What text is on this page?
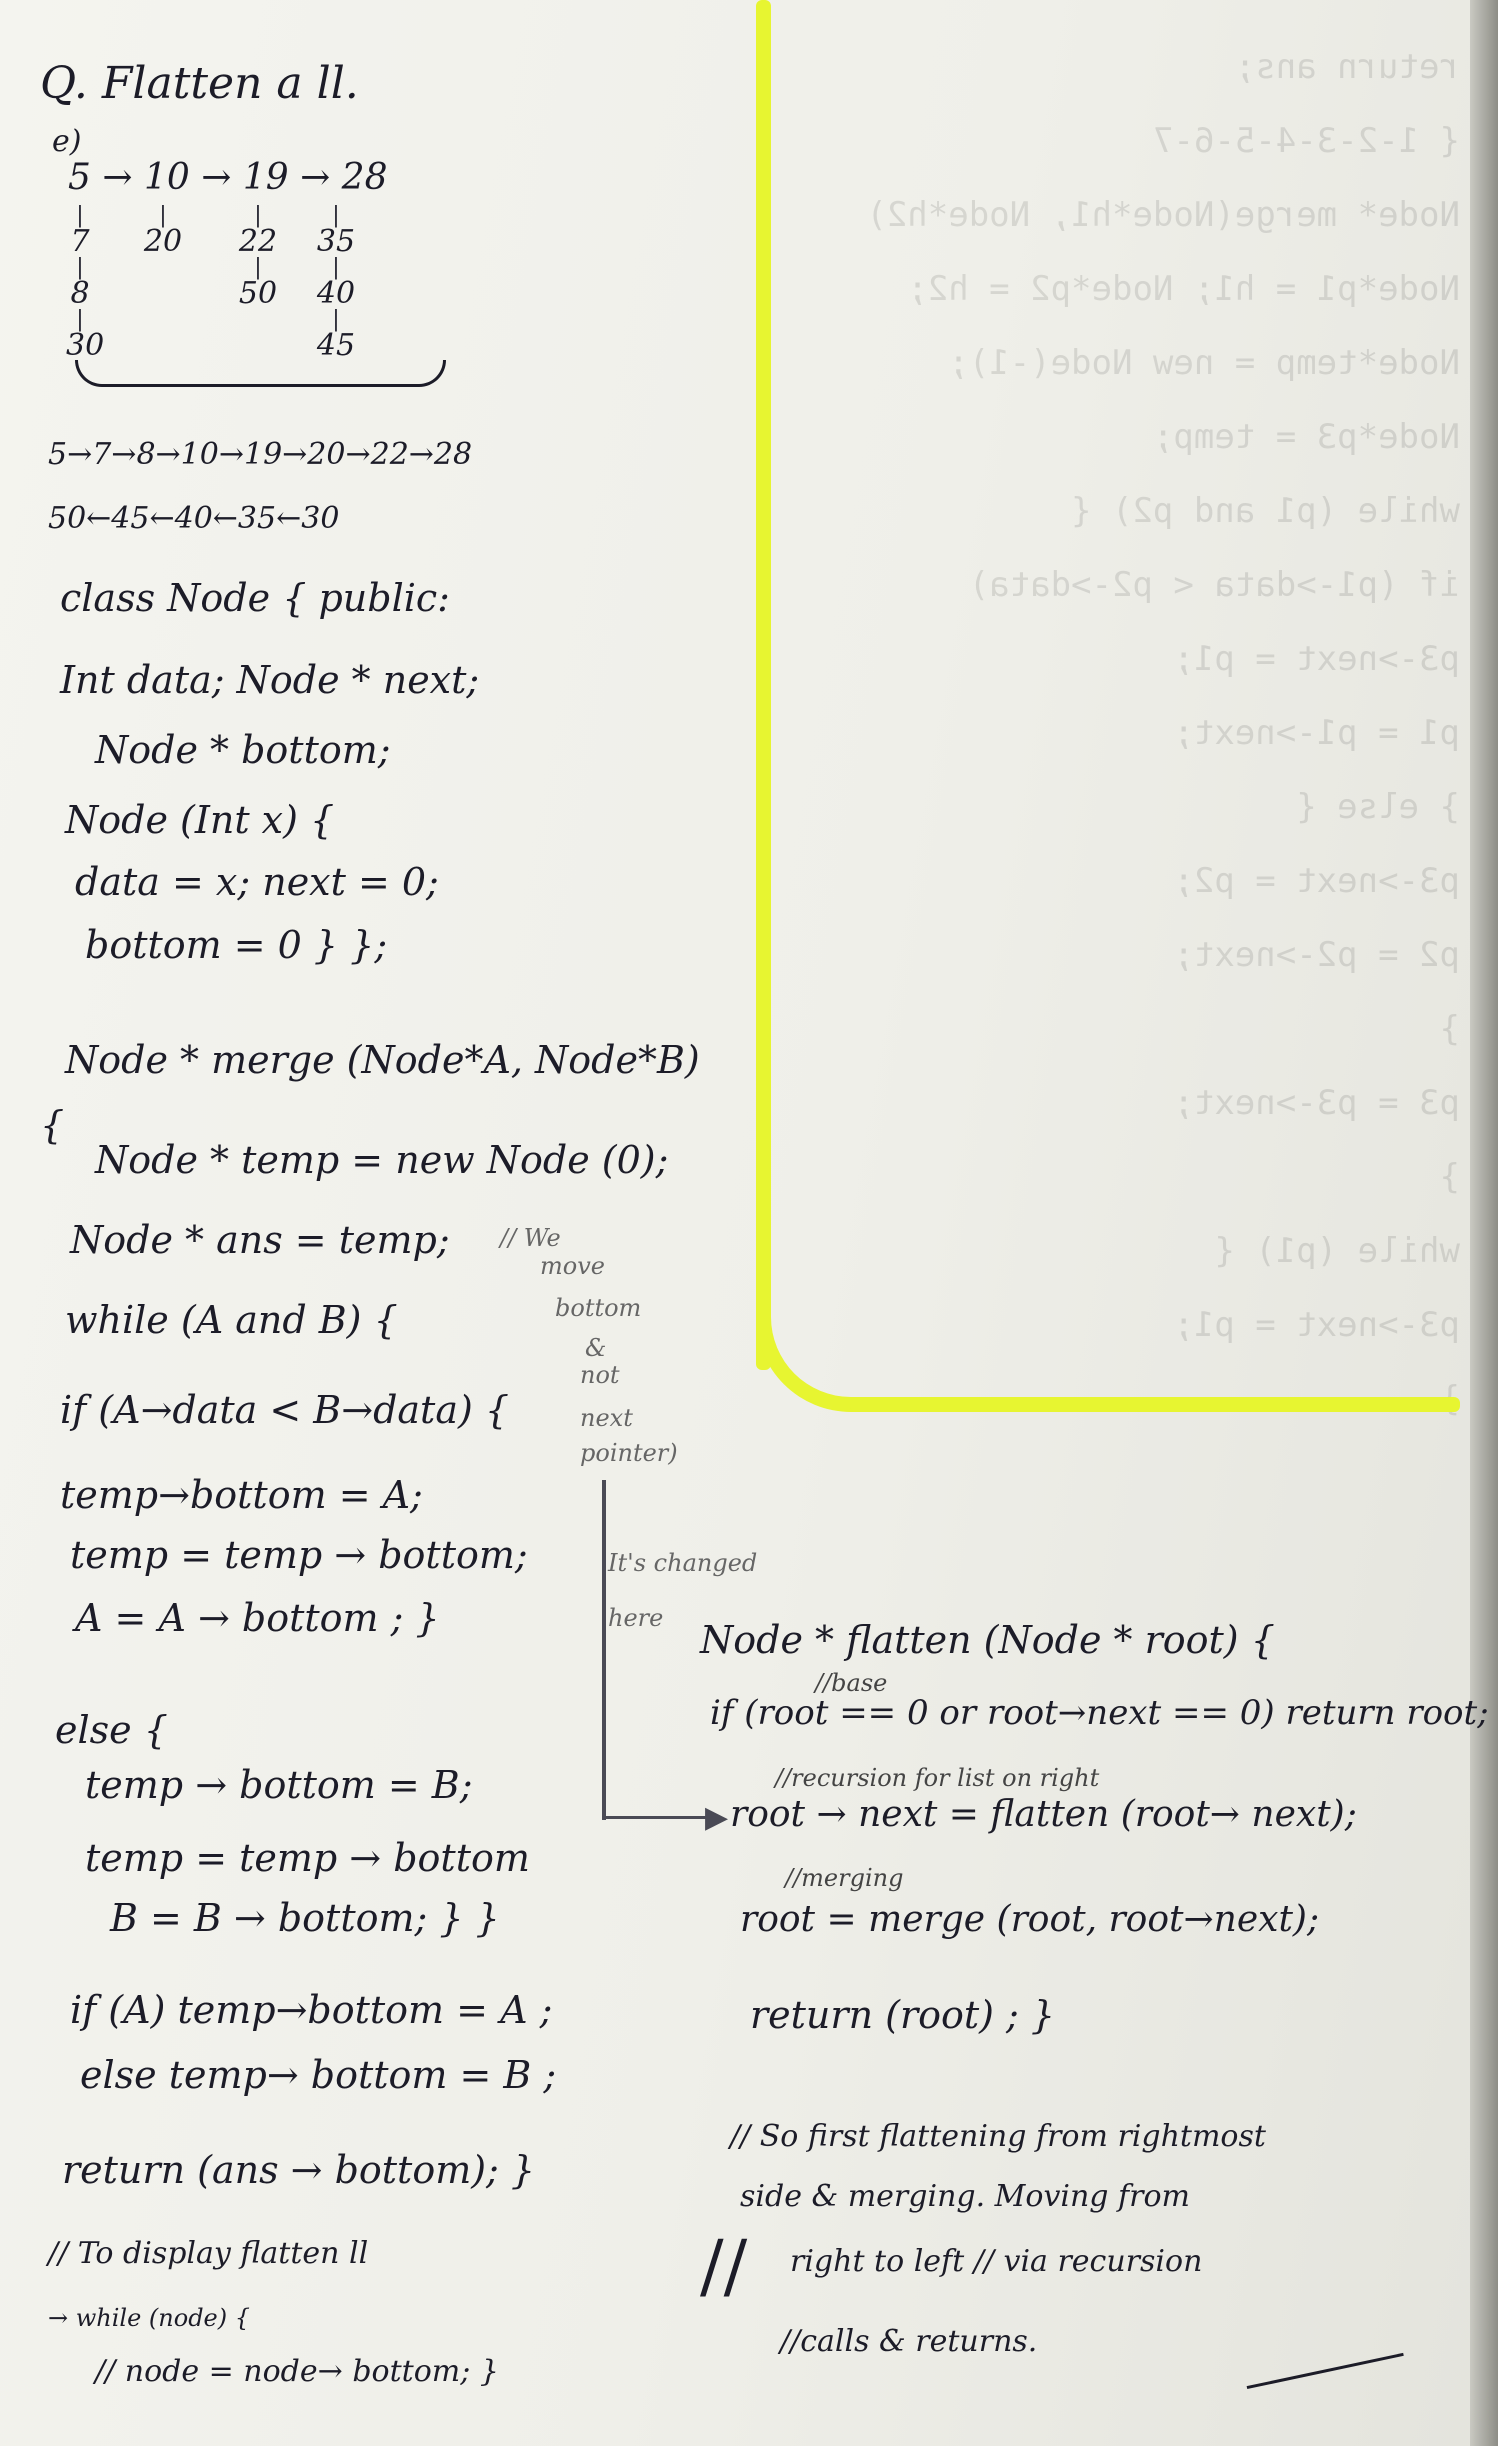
return ans;
{ 1-2-3-4-5-6-7
Node* merge(Node*h1, Node*h2)
Node*p1 = h1; Node*p2 = h2;
Node*temp = new Node(-1);
Node*p3 = temp;
while (p1 and p2) {
if (p1->data < p2->data)
p3->next = p1;
p1 = p1->next;
} else {
p3->next = p2;
p2 = p2->next;
}
p3 = p3->next;
}
while (p1) {
p3->next = p1;

Q. Flatten a ll.
e)
5 → 10 → 19 → 28
|
7
|
8
|
30
|
20
|
22
|
50
|
35
|
40
|
45
5→7→8→10→19→20→22→28
50←45←40←35←30
class Node { public:
Int data; Node * next;
Node * bottom;
Node (Int x) {
data = x; next = 0;
bottom = 0 } };
Node * merge (Node*A, Node*B)
{
Node * temp = new Node (0);
Node * ans = temp;
while (A and B) {
if (A→data < B→data) {
temp→bottom = A;
temp = temp → bottom;
A = A → bottom ; }
else {
temp → bottom = B;
temp = temp → bottom
B = B → bottom; } }
if (A) temp→bottom = A ;
else temp→ bottom = B ;
return (ans → bottom); }
// To display flatten ll
→ while (node) {
// node = node→ bottom; }
// We
move
bottom
&
not
next
pointer)
It's changed
here
▶
Node * flatten (Node * root) {
//base
if (root == 0 or root→next == 0) return root;
//recursion for list on right
root → next = flatten (root→ next);
//merging
root = merge (root, root→next);
return (root) ; }
// So first flattening from rightmost
side & merging. Moving from
// right to left // via recursion
//calls & returns.
